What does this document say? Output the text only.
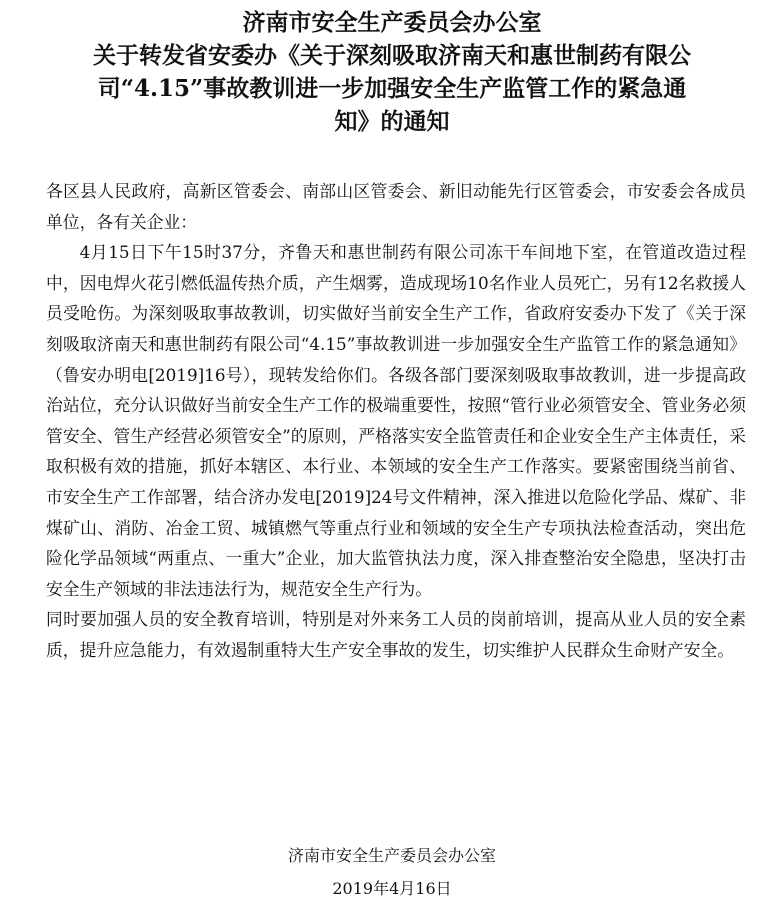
济南市安全生产委员会办公室
关于转发省安委办《关于深刻吸取济南天和惠世制药有限公
司“4.15”事故教训进一步加强安全生产监管工作的紧急通
知》的通知

各区县人民政府，高新区管委会、南部山区管委会、新旧动能先行区管委会，市安委会各成员单位，各有关企业：

4月15日下午15时37分，齐鲁天和惠世制药有限公司冻干车间地下室，在管道改造过程中，因电焊火花引燃低温传热介质，产生烟雾，造成现场10名作业人员死亡，另有12名救援人员受呛伤。为深刻吸取事故教训，切实做好当前安全生产工作，省政府安委办下发了《关于深刻吸取济南天和惠世制药有限公司“4.15”事故教训进一步加强安全生产监管工作的紧急通知》（鲁安办明电[2019]16号），现转发给你们。各级各部门要深刻吸取事故教训，进一步提高政治站位，充分认识做好当前安全生产工作的极端重要性，按照“管行业必须管安全、管业务必须管安全、管生产经营必须管安全”的原则，严格落实安全监管责任和企业安全生产主体责任，采取积极有效的措施，抓好本辖区、本行业、本领域的安全生产工作落实。要紧密围绕当前省、市安全生产工作部署，结合济办发电[2019]24号文件精神，深入推进以危险化学品、煤矿、非煤矿山、消防、冶金工贸、城镇燃气等重点行业和领域的安全生产专项执法检查活动，突出危险化学品领域“两重点、一重大”企业，加大监管执法力度，深入排查整治安全隐患，坚决打击安全生产领域的非法违法行为，规范安全生产行为。

同时要加强人员的安全教育培训，特别是对外来务工人员的岗前培训，提高从业人员的安全素质，提升应急能力，有效遏制重特大生产安全事故的发生，切实维护人民群众生命财产安全。

济南市安全生产委员会办公室
2019年4月16日
